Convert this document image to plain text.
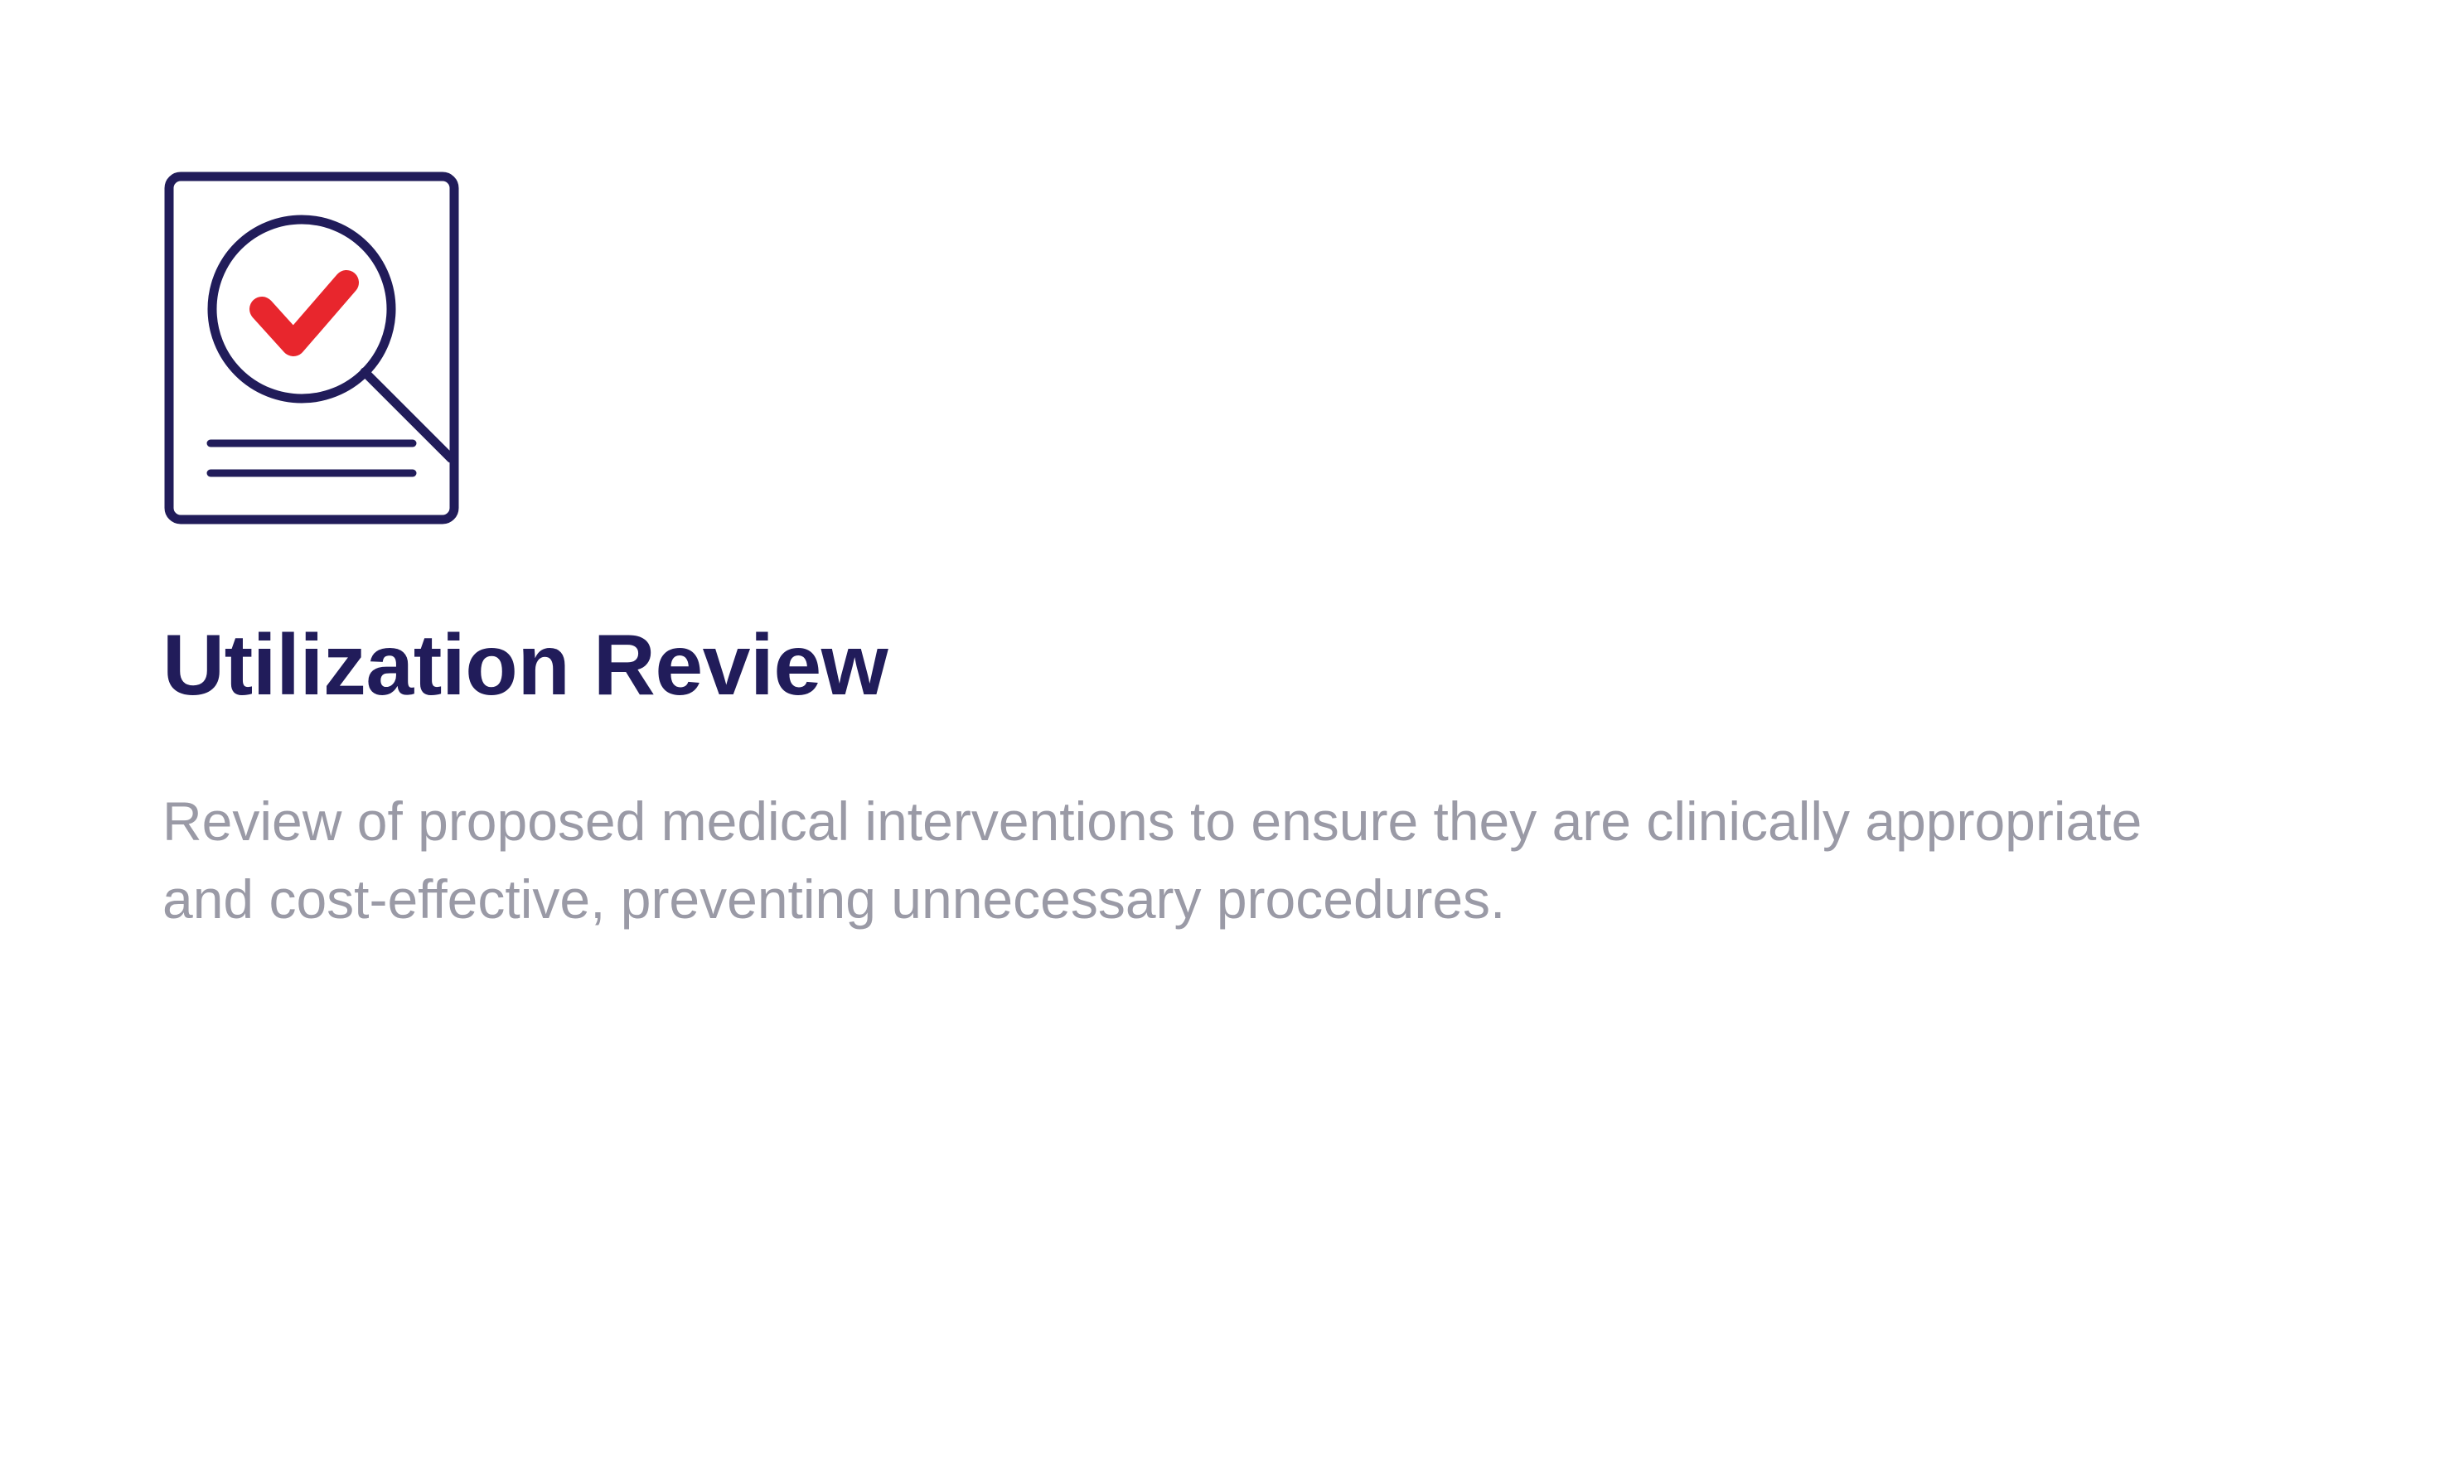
Utilization Review

Review of proposed medical interventions to ensure they are clinically appropriate and cost-effective, preventing unnecessary procedures.
